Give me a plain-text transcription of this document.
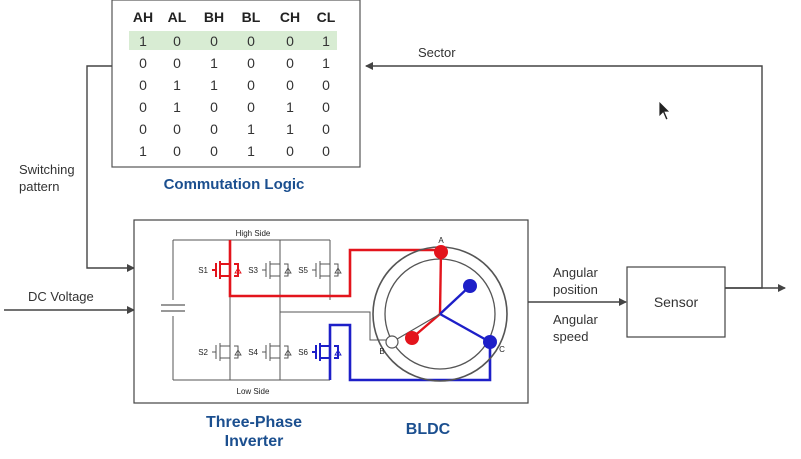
AH AL BH BL CH CL
1 0 0 0 0 1
0 0 1 0 0 1
0 1 1 0 0 0
0 1 0 0 1 0
0 0 0 1 1 0
1 0 0 1 0 0
Commutation Logic
Sector
Switching
pattern
DC Voltage
Angular
position
Angular
speed
Sensor
S1
S2
S3
S4
S5
S6
High Side
Low Side
A
B	C
Three-Phase
Inverter
BLDC
